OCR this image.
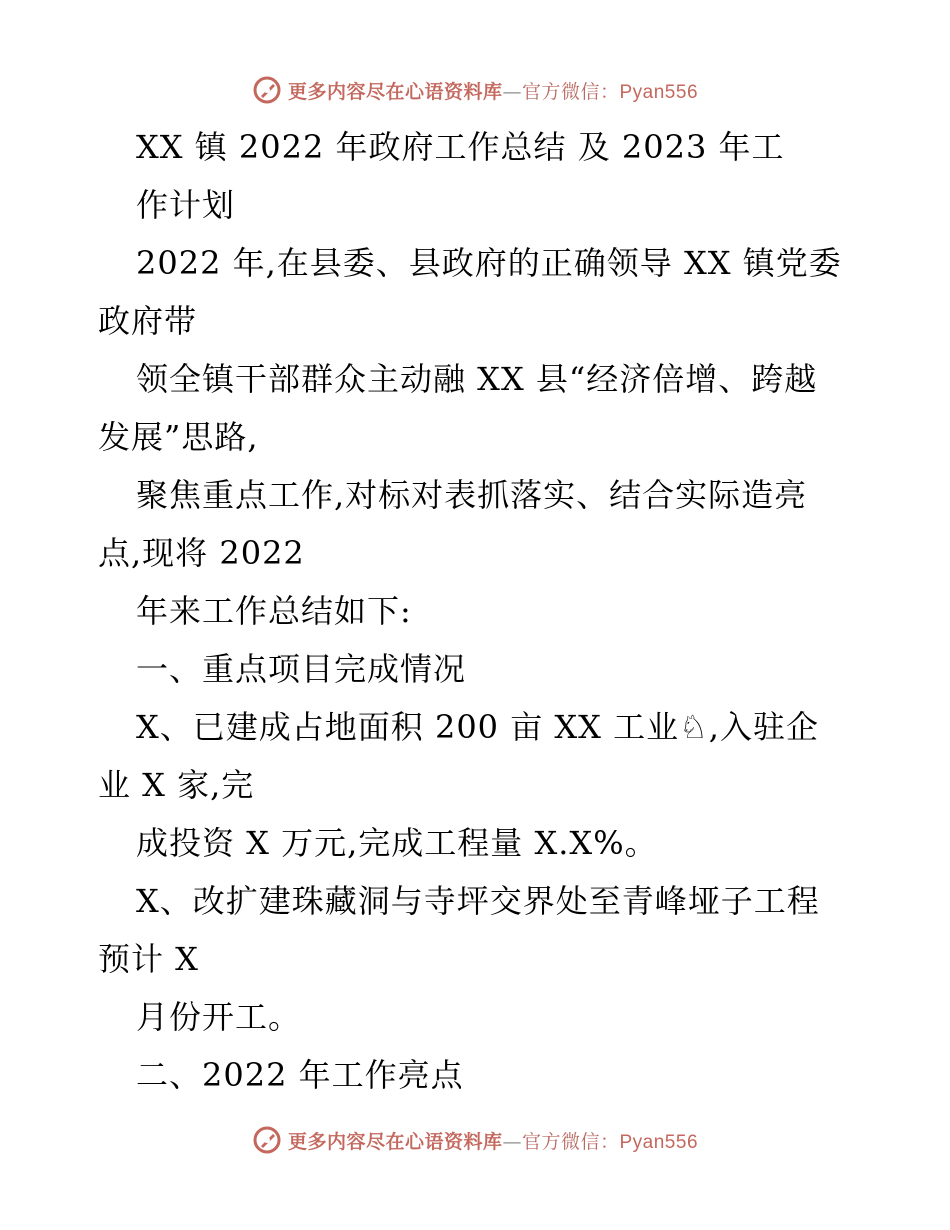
更多内容尽在心语资料库—官方微信：Pyan556
XX 镇 2022 年政府工作总结 及 2023 年工
作计划
2022 年,在县委、县政府的正确领导 XX 镇党委
政府带
领全镇干部群众主动融 XX 县“经济倍增、跨越
发展”思路,
聚焦重点工作,对标对表抓落实、结合实际造亮
点,现将 2022
年来工作总结如下:
一、重点项目完成情况
X、已建成占地面积 200 亩 XX 工业♘,入驻企
业 X 家,完
成投资 X 万元,完成工程量 X.X%。
X、改扩建珠藏洞与寺坪交界处至青峰垭子工程
预计 X
月份开工。
二、2022 年工作亮点
更多内容尽在心语资料库—官方微信：Pyan556
